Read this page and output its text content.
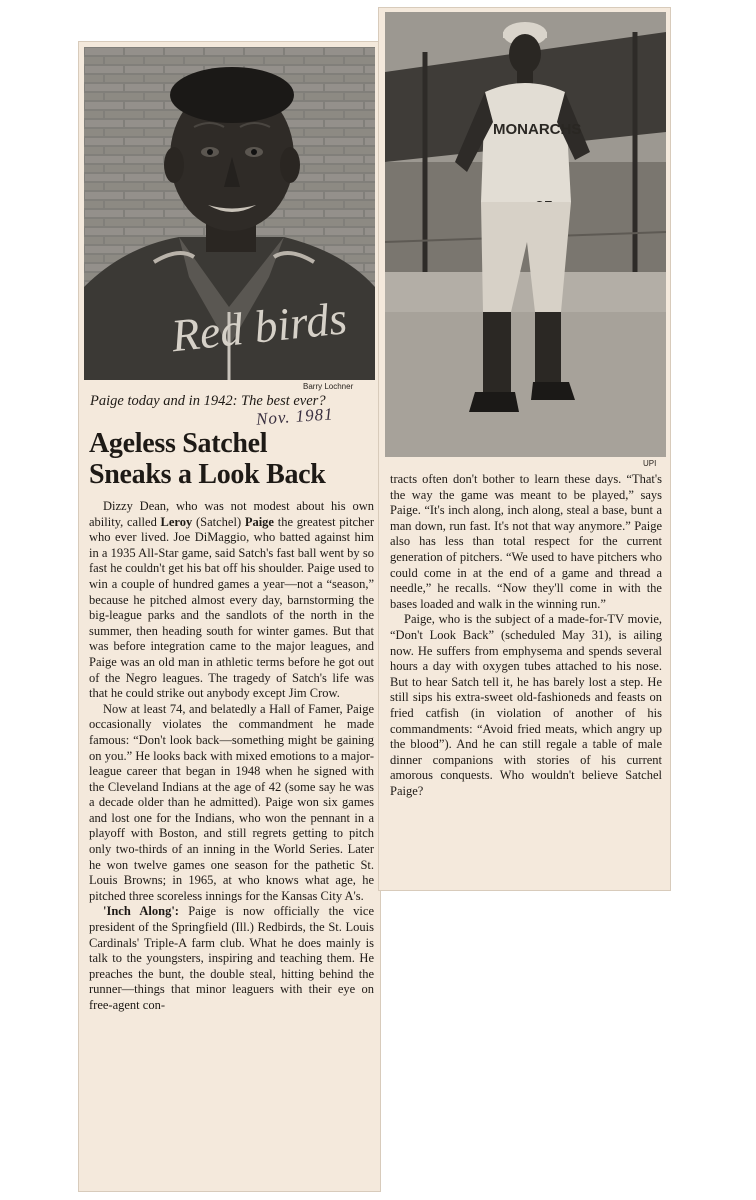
Red birds
Barry Lochner
MONARCHS
UPI
Paige today and in 1942: The best ever?
Nov. 1981
Ageless Satchel
Sneaks a Look Back

Dizzy Dean, who was not modest about his own ability, called Leroy (Satchel) Paige the greatest pitcher who ever lived. Joe DiMaggio, who batted against him in a 1935 All-Star game, said Satch's fast ball went by so fast he couldn't get his bat off his shoulder. Paige used to win a couple of hundred games a year—not a “season,” because he pitched almost every day, barnstorming the big-league parks and the sandlots of the north in the summer, then heading south for winter games. But that was before integration came to the major leagues, and Paige was an old man in athletic terms before he got out of the Negro leagues. The tragedy of Satch's life was that he could strike out anybody except Jim Crow.

Now at least 74, and belatedly a Hall of Famer, Paige occasionally violates the commandment he made famous: “Don't look back—something might be gaining on you.” He looks back with mixed emotions to a major-league career that began in 1948 when he signed with the Cleveland Indians at the age of 42 (some say he was a decade older than he admitted). Paige won six games and lost one for the Indians, who won the pennant in a playoff with Boston, and still regrets getting to pitch only two-thirds of an inning in the World Series. Later he won twelve games one season for the pathetic St. Louis Browns; in 1965, at who knows what age, he pitched three scoreless innings for the Kansas City A's.

'Inch Along': Paige is now officially the vice president of the Springfield (Ill.) Redbirds, the St. Louis Cardinals' Triple-A farm club. What he does mainly is talk to the youngsters, inspiring and teaching them. He preaches the bunt, the double steal, hitting behind the runner—things that minor leaguers with their eye on free-agent con-

tracts often don't bother to learn these days. “That's the way the game was meant to be played,” says Paige. “It's inch along, inch along, steal a base, bunt a man down, run fast. It's not that way anymore.” Paige also has less than total respect for the current generation of pitchers. “We used to have pitchers who could come in at the end of a game and thread a needle,” he recalls. “Now they'll come in with the bases loaded and walk in the winning run.”

Paige, who is the subject of a made-for-TV movie, “Don't Look Back” (scheduled May 31), is ailing now. He suffers from emphysema and spends several hours a day with oxygen tubes attached to his nose. But to hear Satch tell it, he has barely lost a step. He still sips his extra-sweet old-fashioneds and feasts on fried catfish (in violation of another of his commandments: “Avoid fried meats, which angry up the blood”). And he can still regale a table of male dinner companions with stories of his current amorous conquests. Who wouldn't believe Satchel Paige?
